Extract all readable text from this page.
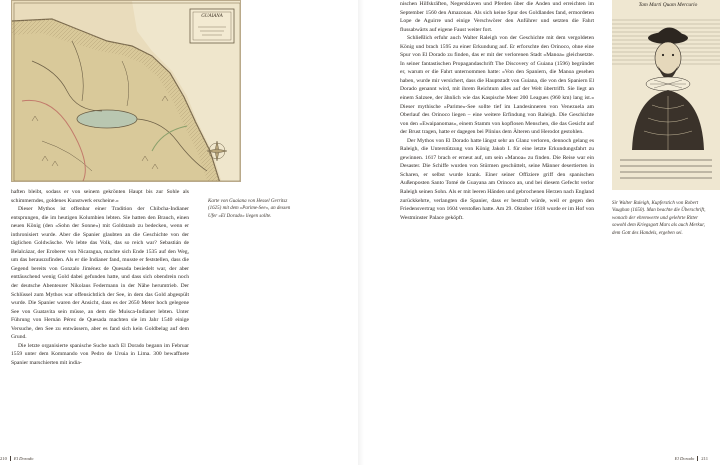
GUAIANA
Tam Marti Quam Mercurio

haften bleibt, sodass er von seinem gekrönten Haupt bis zur Sohle als schimmerndes, goldenes Kunstwerk erscheine.«

Dieser Mythos ist offenbar einer Tradition der Chibcha-Indianer entsprungen, die im heutigen Kolumbien lebten. Sie hatten den Brauch, einen neuen König (den »Sohn der Sonne«) mit Goldstaub zu bedecken, wenn er inthronisiert wurde. Aber die Spanier glaubten an die Geschichte von der täglichen Goldwäsche. Wo lebte das Volk, das so reich war? Sebastián de Belalcázar, der Eroberer von Nicaragua, machte sich Ende 1535 auf den Weg, um das herauszufinden. Als er die Indianer fand, musste er feststellen, dass die Gegend bereits von Gonzalo Jiménez de Quesada besiedelt war, der aber enttäuschend wenig Gold dabei gefunden hatte, und dass sich obendrein noch der deutsche Abenteurer Nikolaus Federmann in der Nähe herumtrieb. Der Schlüssel zum Mythos war offensichtlich der See, in dem das Gold abgespült wurde. Die Spanier waren der Ansicht, dass es der 2650 Meter hoch gelegene See von Guatavita sein müsse, an dem die Muisca-Indianer lebten. Unter Führung von Hernán Pérez de Quesada machten sie im Jahr 1540 einige Versuche, den See zu entwässern, aber es fand sich kein Goldbelag auf dem Grund.

Die letzte organisierte spanische Suche nach El Dorado begann im Februar 1559 unter dem Kommando von Pedro de Ursúa in Lima. 300 bewaffnete Spanier marschierten mit india-

Karte von Guaiana von Hessel Gerritsz (1625) mit dem »Parime-See«, an dessen Ufer »El Dorado« liegen sollte.

nischen Hilfskräften, Negersklaven und Pferden über die Anden und erreichten im September 1560 den Amazonas. Als sich keine Spur des Goldlandes fand, ermordeten Lope de Aguirre und einige Verschwörer den Anführer und setzten die Fahrt flussabwärts auf eigene Faust weiter fort.

Schließlich erfuhr auch Walter Raleigh von der Geschichte mit dem vergoldeten König und brach 1595 zu einer Erkundung auf. Er erforschte den Orinoco, ohne eine Spur von El Dorado zu finden, das er mit der verlorenen Stadt »Manoa« gleichsetzte. In seiner fantastischen Propagandaschrift The Discovery of Guiana (1596) begründet er, warum er die Fahrt unternommen hatte: »Von den Spaniern, die Manoa gesehen haben, wurde mir versichert, dass die Hauptstadt von Guiana, die von den Spaniern El Dorado genannt wird, mit ihrem Reichtum alles auf der Welt übertrifft. Sie liegt an einem Salzsee, der ähnlich wie das Kaspische Meer 200 Leagues (960 km) lang ist.« Dieser mythische »Parime«-See sollte tief im Landesinneren von Venezuela am Oberlauf des Orinoco liegen – eine weitere Erfindung von Raleigh. Die Geschichte von den »Ewaipanomas«, einem Stamm von kopflosen Menschen, die das Gesicht auf der Brust tragen, hatte er dagegen bei Plinius dem Älteren und Herodot gestohlen.

Der Mythos von El Dorado hatte längst sehr an Glanz verloren, dennoch gelang es Raleigh, die Unterstützung von König Jakob I. für eine letzte Erkundungsfahrt zu gewinnen. 1617 brach er erneut auf, um sein »Manoa« zu finden. Die Reise war ein Desaster. Die Schiffe wurden von Stürmen geschüttelt, seine Männer desertierten in Scharen, er selbst wurde krank. Einer seiner Offiziere griff den spanischen Außenposten Santo Tomé de Guayana am Orinoco an, und bei diesem Gefecht verlor Raleigh seinen Sohn. Als er mit leeren Händen und gebrochenen Herzen nach England zurückkehrte, verlangten die Spanier, dass er bestraft würde, weil er gegen den Friedensvertrag von 1604 verstoßen hatte. Am 29. Oktober 1618 wurde er im Hof von Westminster Palace geköpft.

Sir Walter Raleigh, Kupferstich von Robert Vaughan (1650). Man beachte die Überschrift, wonach der ehrenwerte und gelehrte Ritter sowohl dem Kriegsgott Mars als auch Merkur, dem Gott des Handels, ergeben sei.
210 El Dorado	El Dorado 211
